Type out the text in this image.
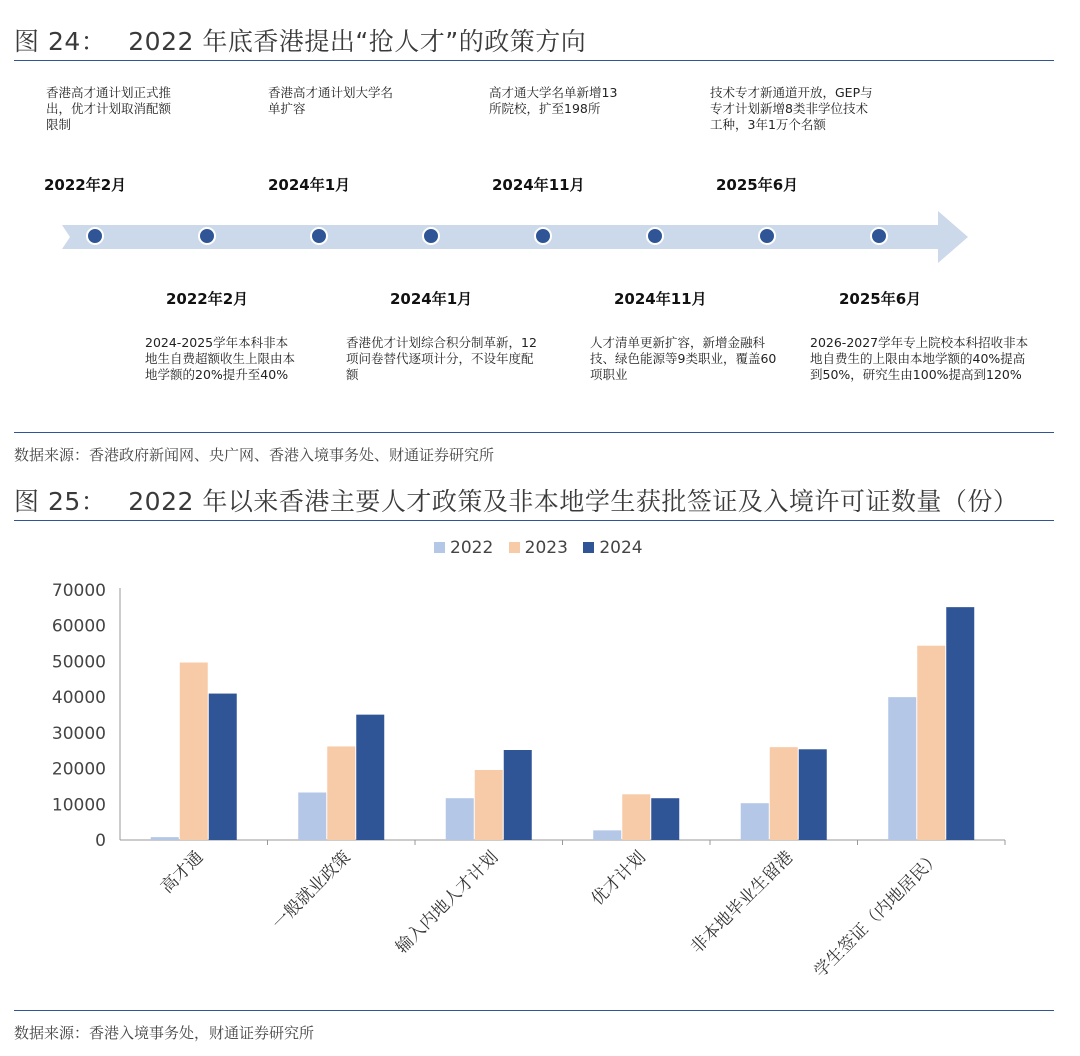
图 24： 2022 年底香港提出“抢人才”的政策方向
香港高才通计划正式推出，优才计划取消配额限制
2022年2月
香港高才通计划大学名单扩容
2024年1月
高才通大学名单新增13所院校，扩至198所
2024年11月
技术专才新通道开放，GEP与专才计划新增8类非学位技术工种，3年1万个名额
2025年6月
2022年2月
2024-2025学年本科非本地生自费超额收生上限由本地学额的20%提升至40%
2024年1月
香港优才计划综合积分制革新，12项问卷替代逐项计分，不设年度配额
2024年11月
人才清单更新扩容，新增金融科技、绿色能源等9类职业，覆盖60项职业
2025年6月
2026-2027学年专上院校本科招收非本地自费生的上限由本地学额的40%提高到50%，研究生由100%提高到120%
数据来源：香港政府新闻网、央广网、香港入境事务处、财通证券研究所
图 25： 2022 年以来香港主要人才政策及非本地学生获批签证及入境许可证数量（份）
2022 2023 2024
0
10000
20000
30000
40000
50000
60000
70000
高才通	一般就业政策 输入内地人才计划	优才计划 非本地毕业生留港 学生签证（内地居民）
数据来源：香港入境事务处，财通证券研究所
